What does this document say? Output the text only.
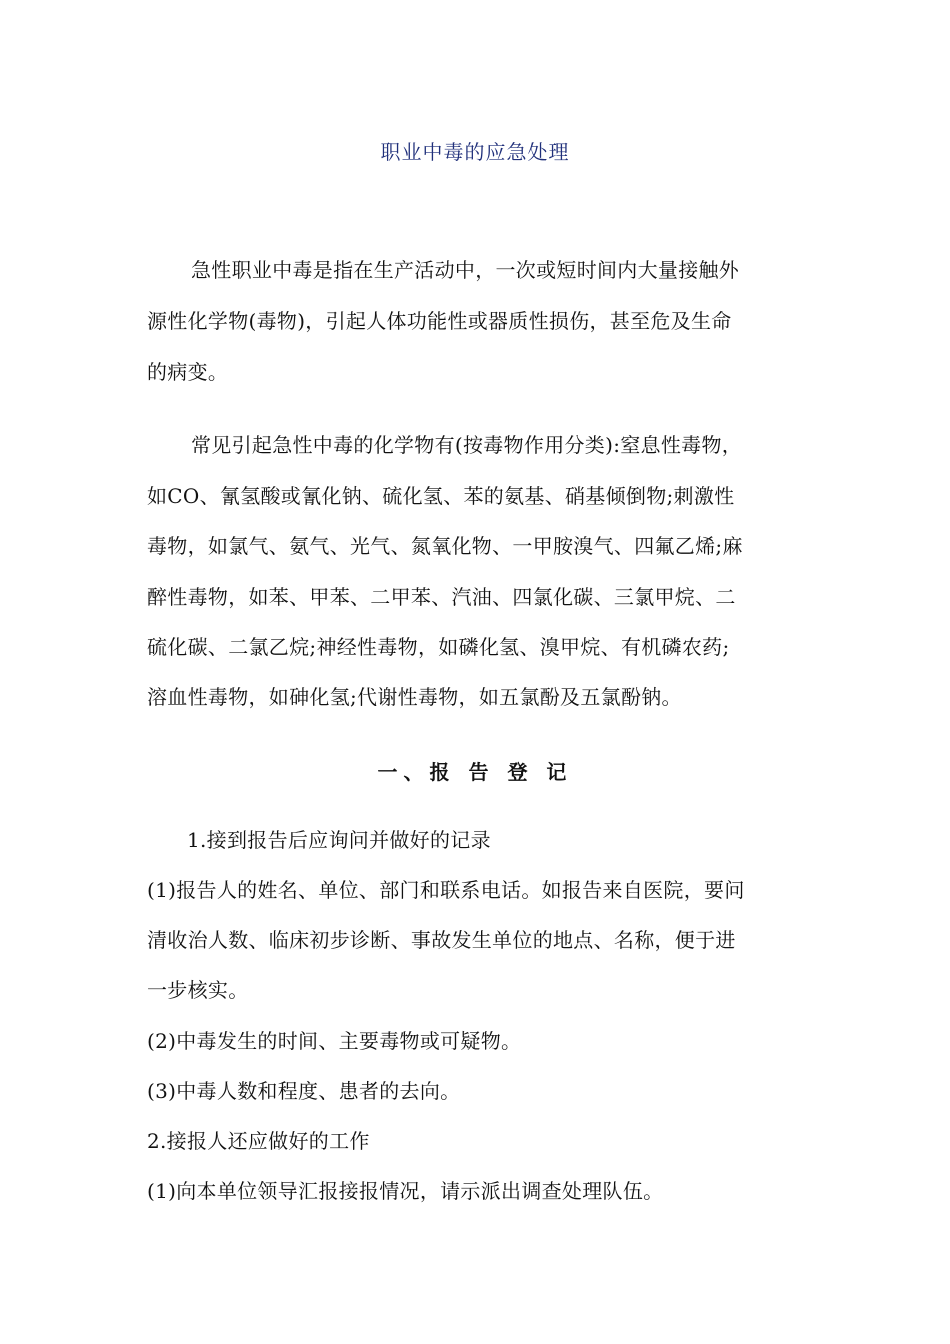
职业中毒的应急处理
急性职业中毒是指在生产活动中，一次或短时间内大量接触外
源性化学物(毒物)，引起人体功能性或器质性损伤，甚至危及生命
的病变。
常见引起急性中毒的化学物有(按毒物作用分类):窒息性毒物，
如CO、氰氢酸或氰化钠、硫化氢、苯的氨基、硝基倾倒物;刺激性
毒物，如氯气、氨气、光气、氮氧化物、一甲胺溴气、四氟乙烯;麻
醉性毒物，如苯、甲苯、二甲苯、汽油、四氯化碳、三氯甲烷、二
硫化碳、二氯乙烷;神经性毒物，如磷化氢、溴甲烷、有机磷农药;
溶血性毒物，如砷化氢;代谢性毒物，如五氯酚及五氯酚钠。
一、报 告 登 记
1.接到报告后应询问并做好的记录
(1)报告人的姓名、单位、部门和联系电话。如报告来自医院，要问
清收治人数、临床初步诊断、事故发生单位的地点、名称，便于进
一步核实。
(2)中毒发生的时间、主要毒物或可疑物。
(3)中毒人数和程度、患者的去向。
2.接报人还应做好的工作
(1)向本单位领导汇报接报情况，请示派出调查处理队伍。
